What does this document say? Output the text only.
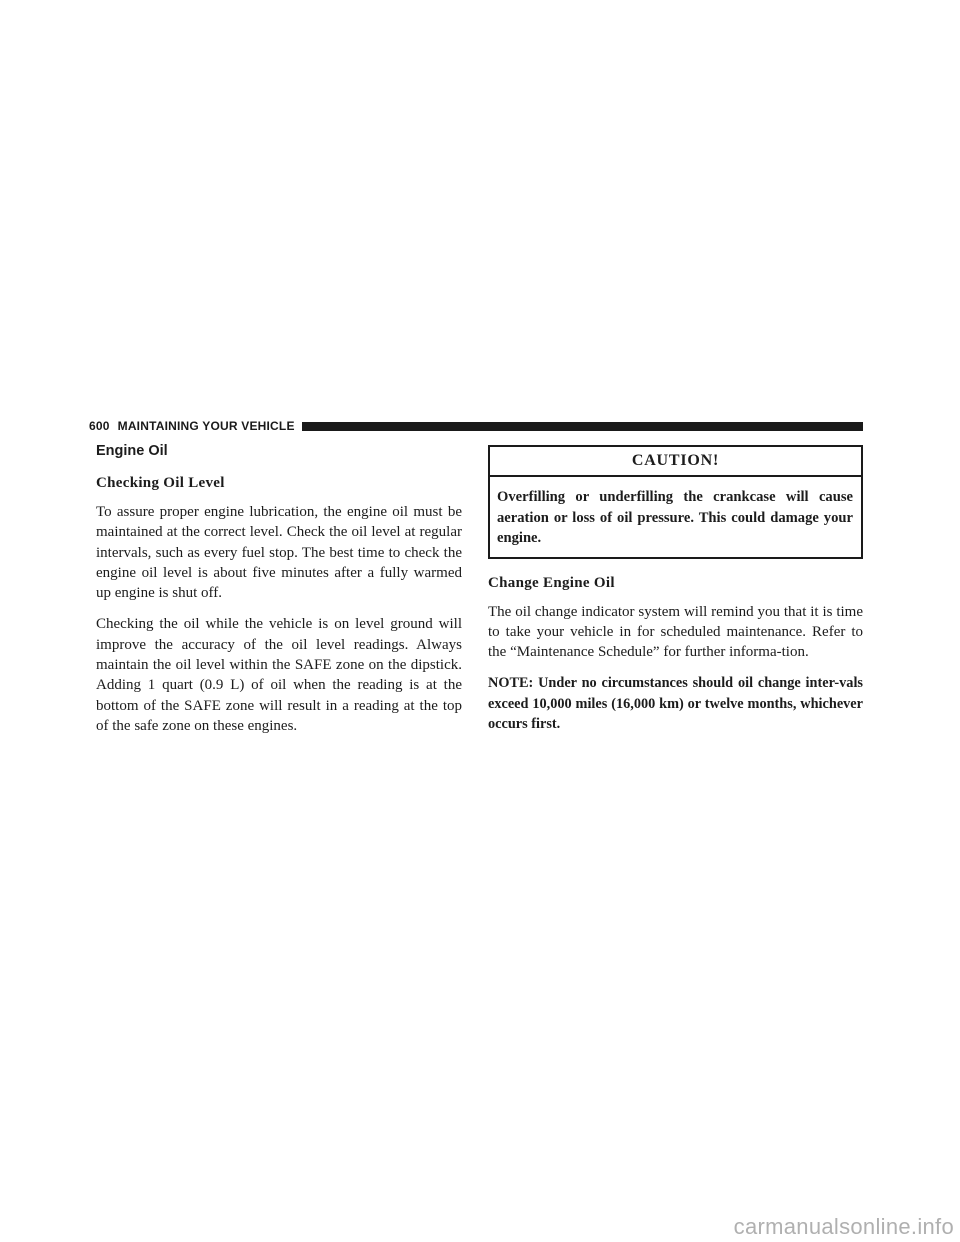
600 MAINTAINING YOUR VEHICLE
Engine Oil
Checking Oil Level

To assure proper engine lubrication, the engine oil must be maintained at the correct level. Check the oil level at regular intervals, such as every fuel stop. The best time to check the engine oil level is about five minutes after a fully warmed up engine is shut off.

Checking the oil while the vehicle is on level ground will improve the accuracy of the oil level readings. Always maintain the oil level within the SAFE zone on the dipstick. Adding 1 quart (0.9 L) of oil when the reading is at the bottom of the SAFE zone will result in a reading at the top of the safe zone on these engines.

CAUTION!
Overfilling or underfilling the crankcase will cause aeration or loss of oil pressure. This could damage your engine.
Change Engine Oil

The oil change indicator system will remind you that it is time to take your vehicle in for scheduled maintenance. Refer to the “Maintenance Schedule” for further informa-tion.

NOTE: Under no circumstances should oil change inter-vals exceed 10,000 miles (16,000 km) or twelve months, whichever occurs first.

carmanualsonline.info
